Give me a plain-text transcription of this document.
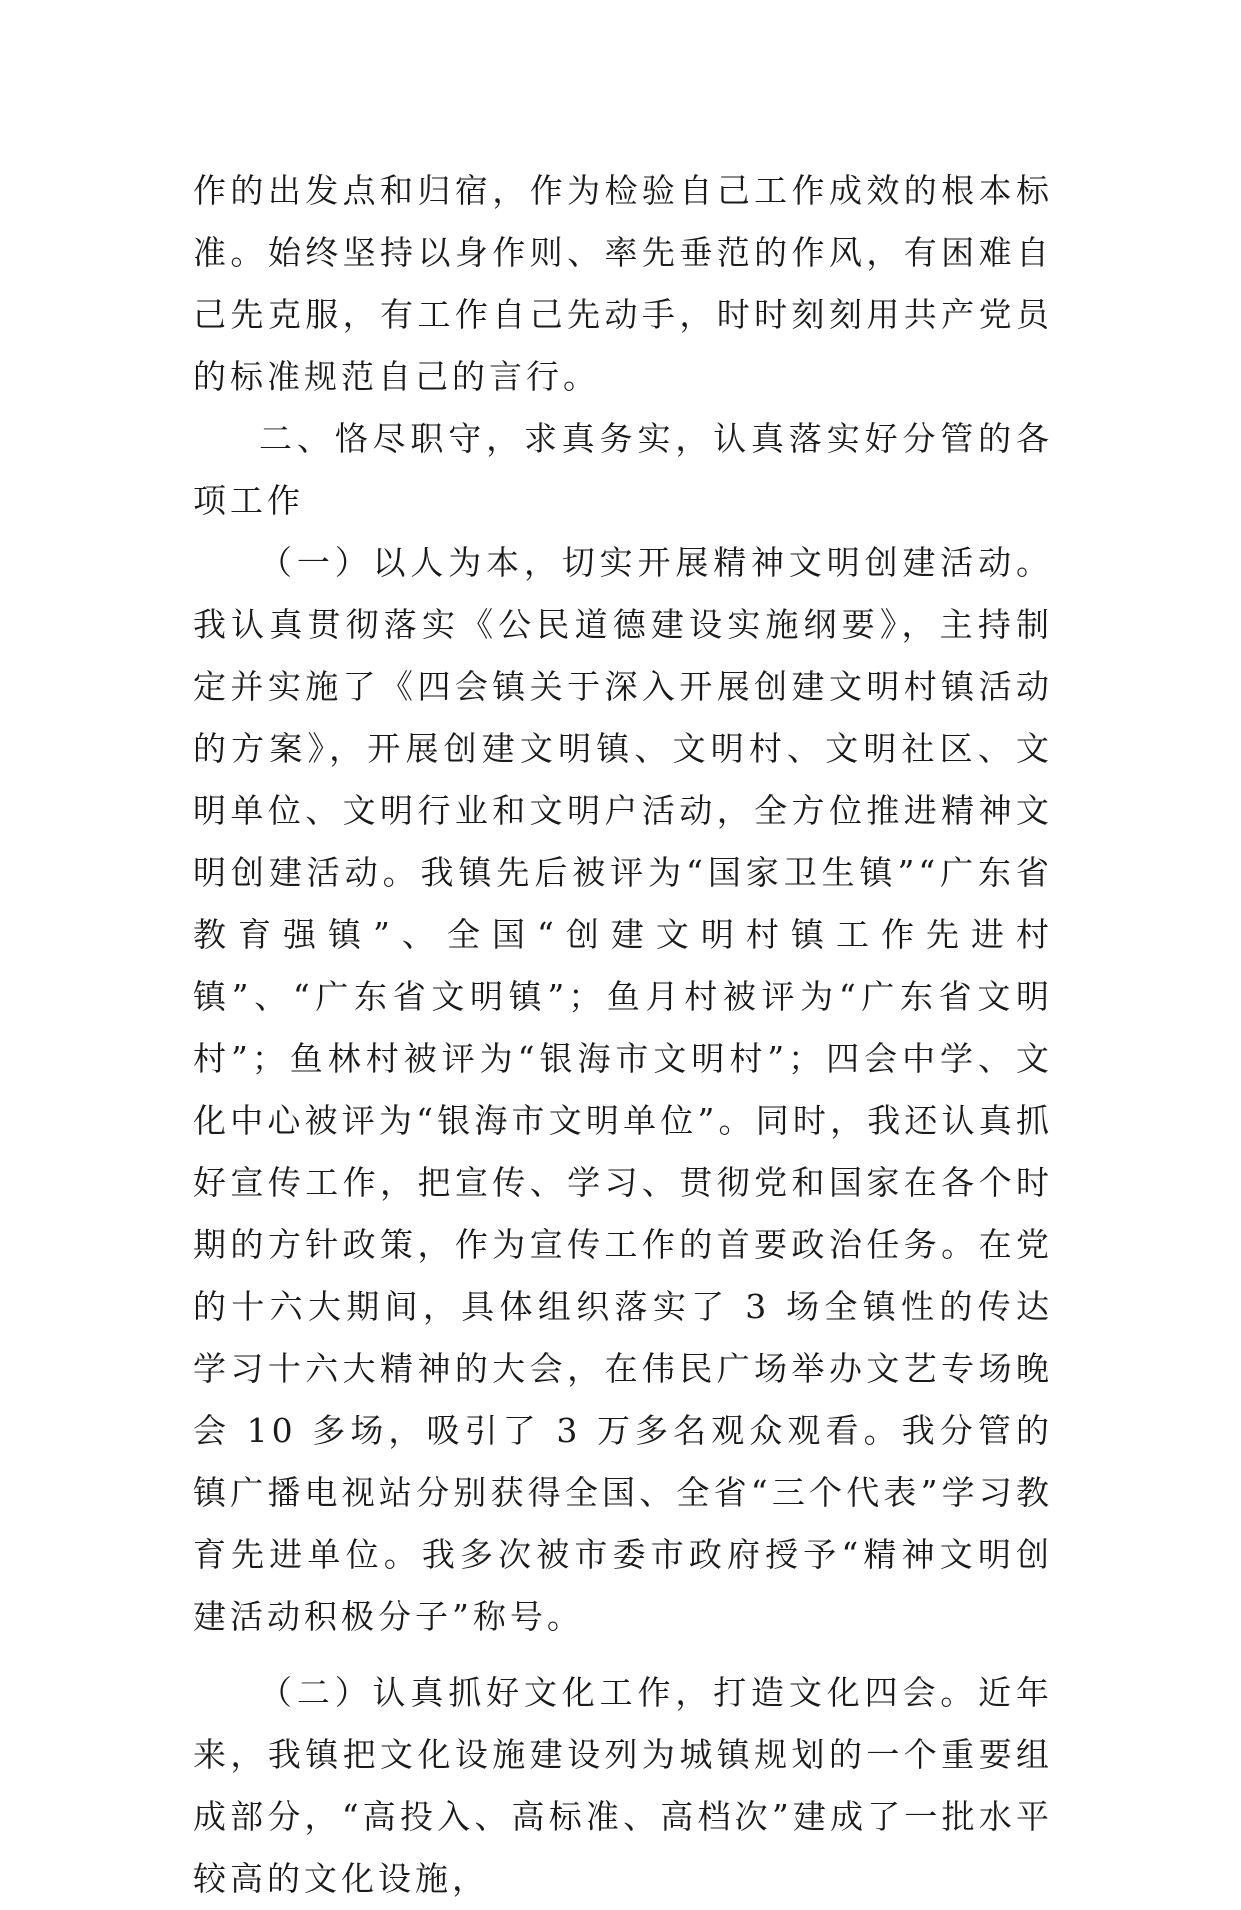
作的出发点和归宿，作为检验自己工作成效的根本标准。始终坚持以身作则、率先垂范的作风，有困难自己先克服，有工作自己先动手，时时刻刻用共产党员的标准规范自己的言行。

二、恪尽职守，求真务实，认真落实好分管的各项工作

（一）以人为本，切实开展精神文明创建活动。我认真贯彻落实《公民道德建设实施纲要》，主持制定并实施了《四会镇关于深入开展创建文明村镇活动的方案》，开展创建文明镇、文明村、文明社区、文明单位、文明行业和文明户活动，全方位推进精神文明创建活动。我镇先后被评为“国家卫生镇”“广东省教育强镇”、全国“创建文明村镇工作先进村镇”、“广东省文明镇”；鱼月村被评为“广东省文明村”；鱼林村被评为“银海市文明村”；四会中学、文化中心被评为“银海市文明单位”。同时，我还认真抓好宣传工作，把宣传、学习、贯彻党和国家在各个时期的方针政策，作为宣传工作的首要政治任务。在党的十六大期间，具体组织落实了 3 场全镇性的传达学习十六大精神的大会，在伟民广场举办文艺专场晚会 10 多场，吸引了 3 万多名观众观看。我分管的镇广播电视站分别获得全国、全省“三个代表”学习教育先进单位。我多次被市委市政府授予“精神文明创建活动积极分子”称号。

（二）认真抓好文化工作，打造文化四会。近年来，我镇把文化设施建设列为城镇规划的一个重要组成部分，“高投入、高标准、高档次”建成了一批水平较高的文化设施，
